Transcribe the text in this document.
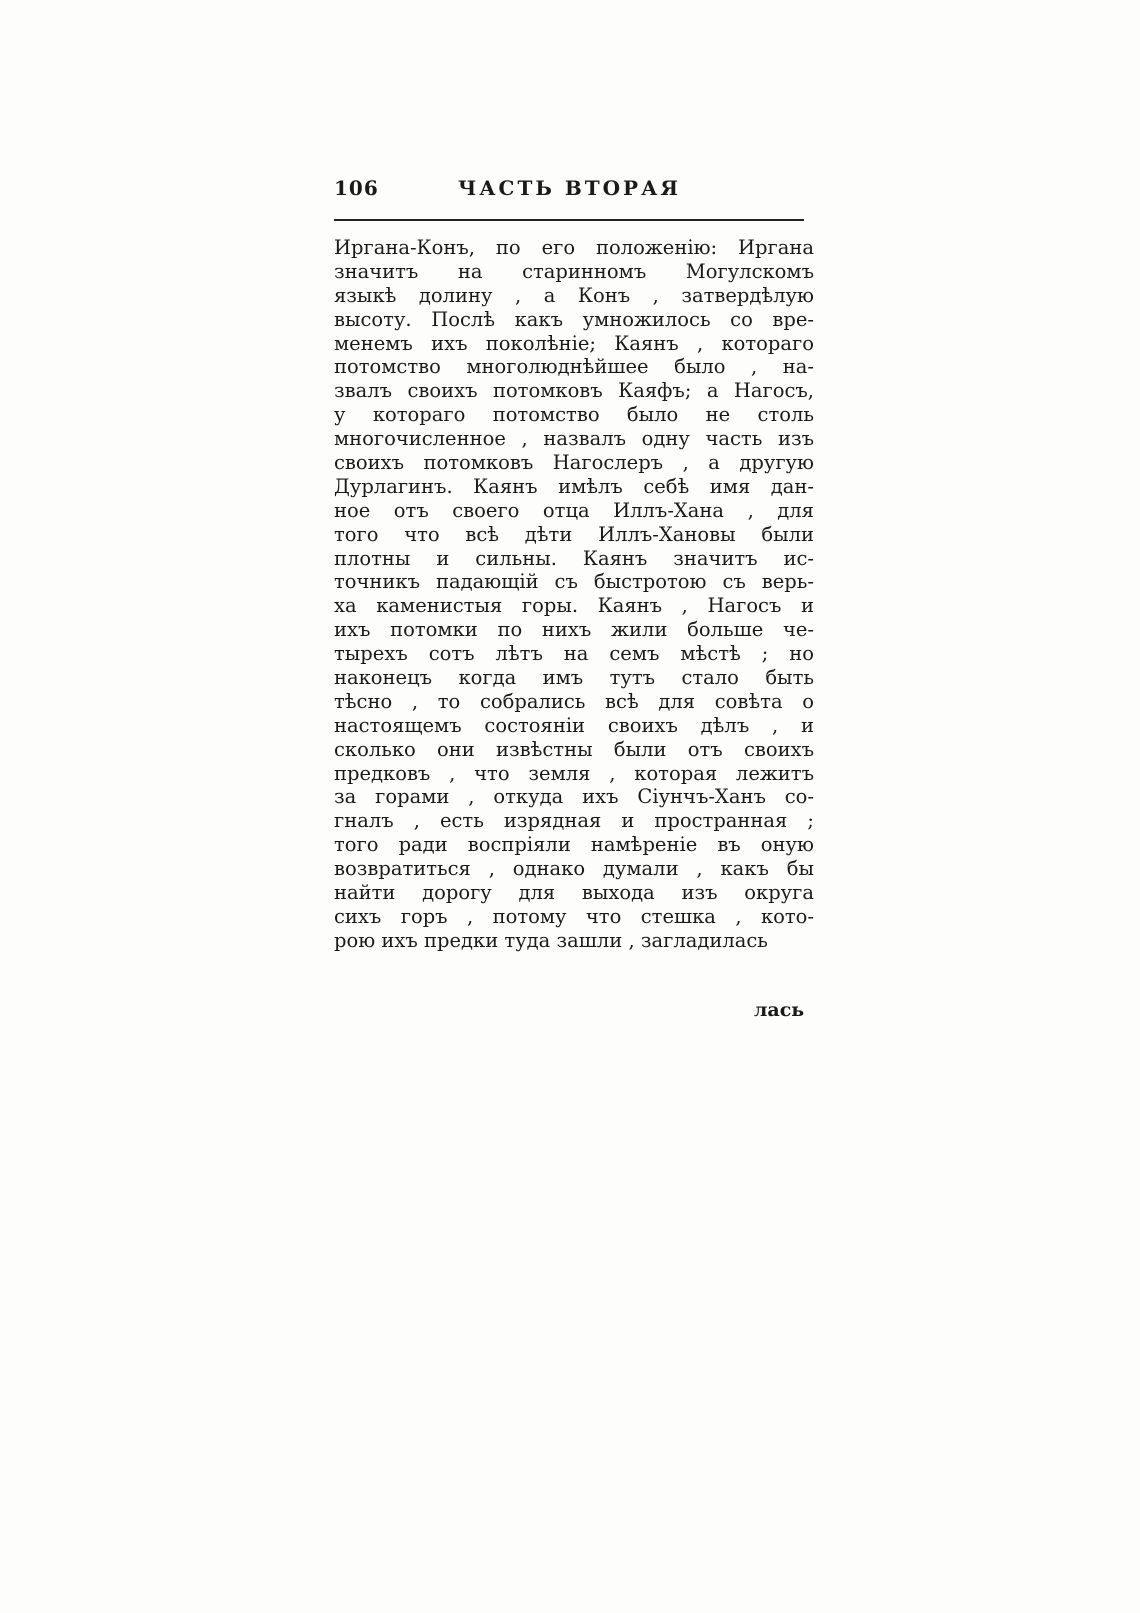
106	ЧАСТЬ ВТОРАЯ
Иргана-Конъ, по его положенію: Иргана
значитъ на старинномъ Могулскомъ
языкѣ долину , а Конъ , затвердѣлую
высоту. Послѣ какъ умножилось со вре-
менемъ ихъ поколѣніе; Каянъ , котораго
потомство многолюднѣйшее было , на-
звалъ своихъ потомковъ Каяфъ; а Нагосъ,
у котораго потомство было не столь
многочисленное , назвалъ одну часть изъ
своихъ потомковъ Нагослеръ , а другую
Дурлагинъ. Каянъ имѣлъ себѣ имя дан-
ное отъ своего отца Иллъ-Хана , для
того что всѣ дѣти Иллъ-Хановы были
плотны и сильны. Каянъ значитъ ис-
точникъ падающій съ быстротою съ верь-
ха каменистыя горы. Каянъ , Нагосъ и
ихъ потомки по нихъ жили больше че-
тырехъ сотъ лѣтъ на семъ мѣстѣ ; но
наконецъ когда имъ тутъ стало быть
тѣсно , то собрались всѣ для совѣта о
настоящемъ состояніи своихъ дѣлъ , и
сколько они извѣстны были отъ своихъ
предковъ , что земля , которая лежитъ
за горами , откуда ихъ Сіунчъ-Ханъ со-
гналъ , есть изрядная и пространная ;
того ради воспріяли намѣреніе въ оную
возвратиться , однако думали , какъ бы
найти дорогу для выхода изъ округа
сихъ горъ , потому что стешка , кото-
рою ихъ предки туда зашли , загладилась
лась
